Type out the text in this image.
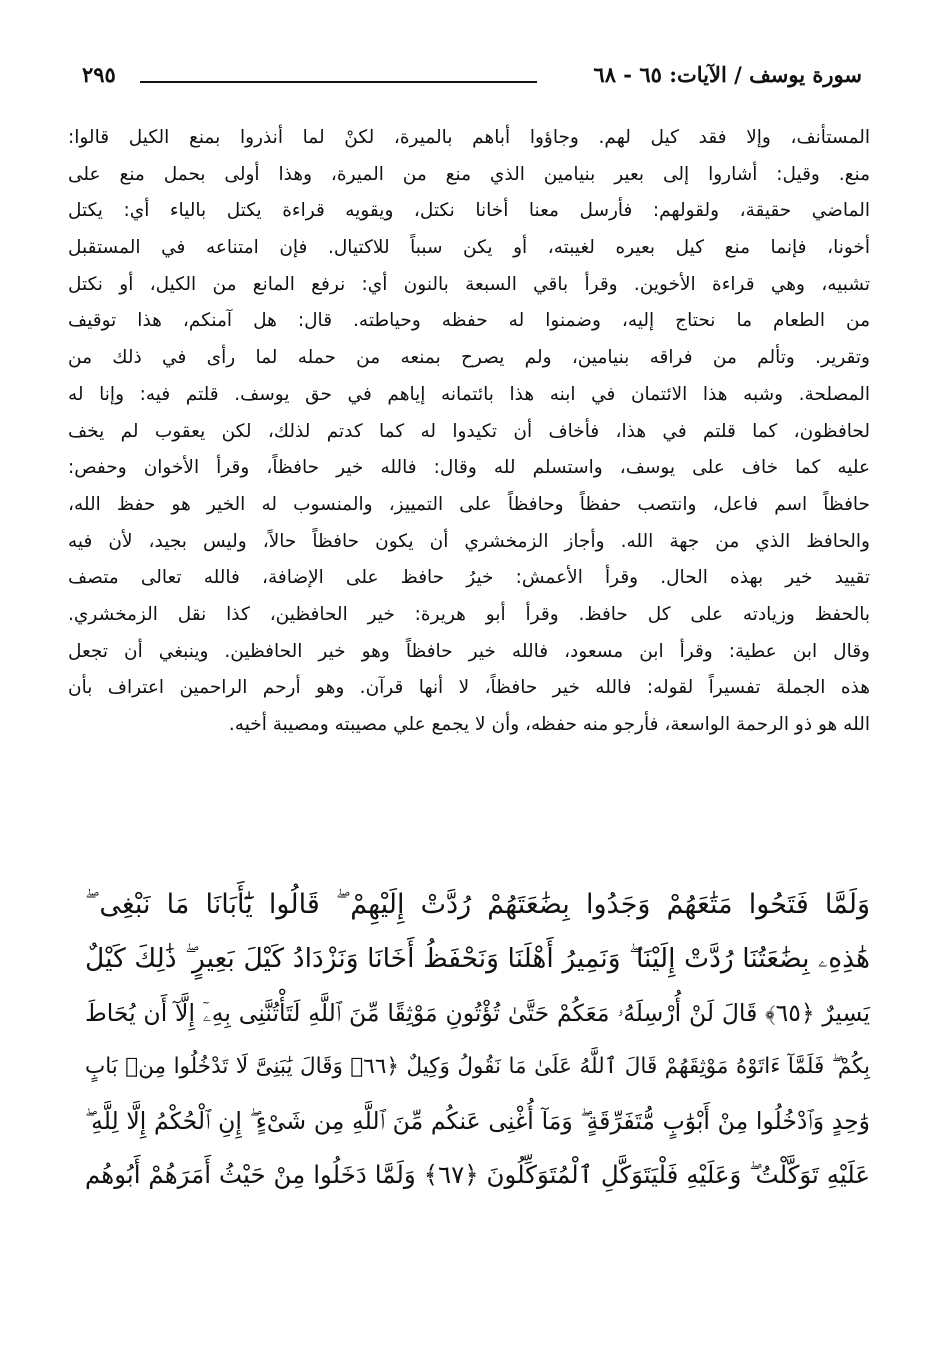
سورة يوسف / الآيات: ٦٥ - ٦٨
٢٩٥
المستأنف، وإلا فقد كيل لهم. وجاؤوا أباهم بالميرة، لكنْ لما أنذروا بمنع الكيل قالوا:
منع. وقيل: أشاروا إلى بعير بنيامين الذي منع من الميرة، وهذا أولى بحمل منع على
الماضي حقيقة، ولقولهم: فأرسل معنا أخانا نكتل، ويقويه قراءة يكتل بالياء أي: يكتل
أخونا، فإنما منع كيل بعيره لغيبته، أو يكن سبباً للاكتيال. فإن امتناعه في المستقبل
تشبيه، وهي قراءة الأخوين. وقرأ باقي السبعة بالنون أي: نرفع المانع من الكيل، أو نكتل
من الطعام ما نحتاج إليه، وضمنوا له حفظه وحياطته. قال: هل آمنكم، هذا توقيف
وتقرير. وتألم من فراقه بنيامين، ولم يصرح بمنعه من حمله لما رأى في ذلك من
المصلحة. وشبه هذا الائتمان في ابنه هذا بائتمانه إياهم في حق يوسف. قلتم فيه: وإنا له
لحافظون، كما قلتم في هذا، فأخاف أن تكيدوا له كما كدتم لذلك، لكن يعقوب لم يخف
عليه كما خاف على يوسف، واستسلم لله وقال: فالله خير حافظاً، وقرأ الأخوان وحفص:
حافظاً اسم فاعل، وانتصب حفظاً وحافظاً على التمييز، والمنسوب له الخير هو حفظ الله،
والحافظ الذي من جهة الله. وأجاز الزمخشري أن يكون حافظاً حالاً، وليس بجيد، لأن فيه
تقييد خير بهذه الحال. وقرأ الأعمش: خيرُ حافظ على الإضافة، فالله تعالى متصف
بالحفظ وزيادته على كل حافظ. وقرأ أبو هريرة: خير الحافظين، كذا نقل الزمخشري.
وقال ابن عطية: وقرأ ابن مسعود، فالله خير حافظاً وهو خير الحافظين. وينبغي أن تجعل
هذه الجملة تفسيراً لقوله: فالله خير حافظاً، لا أنها قرآن. وهو أرحم الراحمين اعتراف بأن
الله هو ذو الرحمة الواسعة، فأرجو منه حفظه، وأن لا يجمع علي مصيبته ومصيبة أخيه.
وَلَمَّا فَتَحُوا مَتَٰعَهُمْ وَجَدُوا بِضَٰعَتَهُمْ رُدَّتْ إِلَيْهِمْ ۖ قَالُوا يَٰٓأَبَانَا مَا نَبْغِى ۖ
هَٰذِهِۦ بِضَٰعَتُنَا رُدَّتْ إِلَيْنَا ۖ وَنَمِيرُ أَهْلَنَا وَنَحْفَظُ أَخَانَا وَنَزْدَادُ كَيْلَ بَعِيرٍ ۖ ذَٰلِكَ كَيْلٌ
يَسِيرٌ ﴿٦٥﴾ قَالَ لَنْ أُرْسِلَهُۥ مَعَكُمْ حَتَّىٰ تُؤْتُونِ مَوْثِقًا مِّنَ ٱللَّهِ لَتَأْتُنَّنِى بِهِۦٓ إِلَّآ أَن يُحَاطَ
بِكُمْ ۖ فَلَمَّآ ءَاتَوْهُ مَوْثِقَهُمْ قَالَ ٱللَّهُ عَلَىٰ مَا نَقُولُ وَكِيلٌ ﴿٦٦﴾ وَقَالَ يَٰبَنِىَّ لَا تَدْخُلُوا مِنۢ بَابٍ
وَٰحِدٍ وَٱدْخُلُوا مِنْ أَبْوَٰبٍ مُّتَفَرِّقَةٍ ۖ وَمَآ أُغْنِى عَنكُم مِّنَ ٱللَّهِ مِن شَىْءٍ ۖ إِنِ ٱلْحُكْمُ إِلَّا لِلَّهِ ۖ
عَلَيْهِ تَوَكَّلْتُ ۖ وَعَلَيْهِ فَلْيَتَوَكَّلِ ٱلْمُتَوَكِّلُونَ ﴿٦٧﴾ وَلَمَّا دَخَلُوا مِنْ حَيْثُ أَمَرَهُمْ أَبُوهُم
